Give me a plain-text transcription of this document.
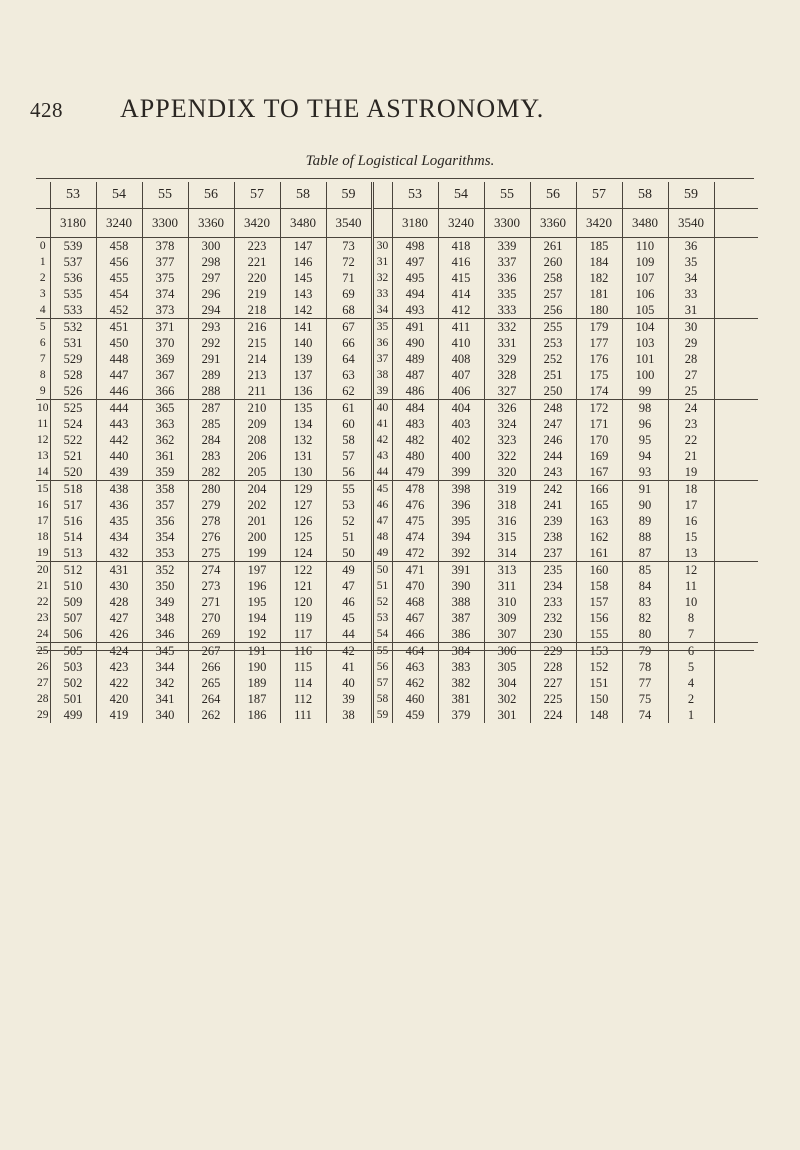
428 APPENDIX TO THE ASTRONOMY.
Table of Logistical Logarithms.
	53	54	55	56	57	58	59		53	54	55	56	57	58	59	
	3180	3240	3300	3360	3420	3480	3540		3180	3240	3300	3360	3420	3480	3540	
0	539	458	378	300	223	147	73	30	498	418	339	261	185	110	36	
1	537	456	377	298	221	146	72	31	497	416	337	260	184	109	35	
2	536	455	375	297	220	145	71	32	495	415	336	258	182	107	34	
3	535	454	374	296	219	143	69	33	494	414	335	257	181	106	33	
4	533	452	373	294	218	142	68	34	493	412	333	256	180	105	31	
5	532	451	371	293	216	141	67	35	491	411	332	255	179	104	30	
6	531	450	370	292	215	140	66	36	490	410	331	253	177	103	29	
7	529	448	369	291	214	139	64	37	489	408	329	252	176	101	28	
8	528	447	367	289	213	137	63	38	487	407	328	251	175	100	27	
9	526	446	366	288	211	136	62	39	486	406	327	250	174	99	25	
10	525	444	365	287	210	135	61	40	484	404	326	248	172	98	24	
11	524	443	363	285	209	134	60	41	483	403	324	247	171	96	23	
12	522	442	362	284	208	132	58	42	482	402	323	246	170	95	22	
13	521	440	361	283	206	131	57	43	480	400	322	244	169	94	21	
14	520	439	359	282	205	130	56	44	479	399	320	243	167	93	19	
15	518	438	358	280	204	129	55	45	478	398	319	242	166	91	18	
16	517	436	357	279	202	127	53	46	476	396	318	241	165	90	17	
17	516	435	356	278	201	126	52	47	475	395	316	239	163	89	16	
18	514	434	354	276	200	125	51	48	474	394	315	238	162	88	15	
19	513	432	353	275	199	124	50	49	472	392	314	237	161	87	13	
20	512	431	352	274	197	122	49	50	471	391	313	235	160	85	12	
21	510	430	350	273	196	121	47	51	470	390	311	234	158	84	11	
22	509	428	349	271	195	120	46	52	468	388	310	233	157	83	10	
23	507	427	348	270	194	119	45	53	467	387	309	232	156	82	8	
24	506	426	346	269	192	117	44	54	466	386	307	230	155	80	7	
25	505	424	345	267	191	116	42	55	464	384	306	229	153	79	6	
26	503	423	344	266	190	115	41	56	463	383	305	228	152	78	5	
27	502	422	342	265	189	114	40	57	462	382	304	227	151	77	4	
28	501	420	341	264	187	112	39	58	460	381	302	225	150	75	2	
29	499	419	340	262	186	111	38	59	459	379	301	224	148	74	1	
